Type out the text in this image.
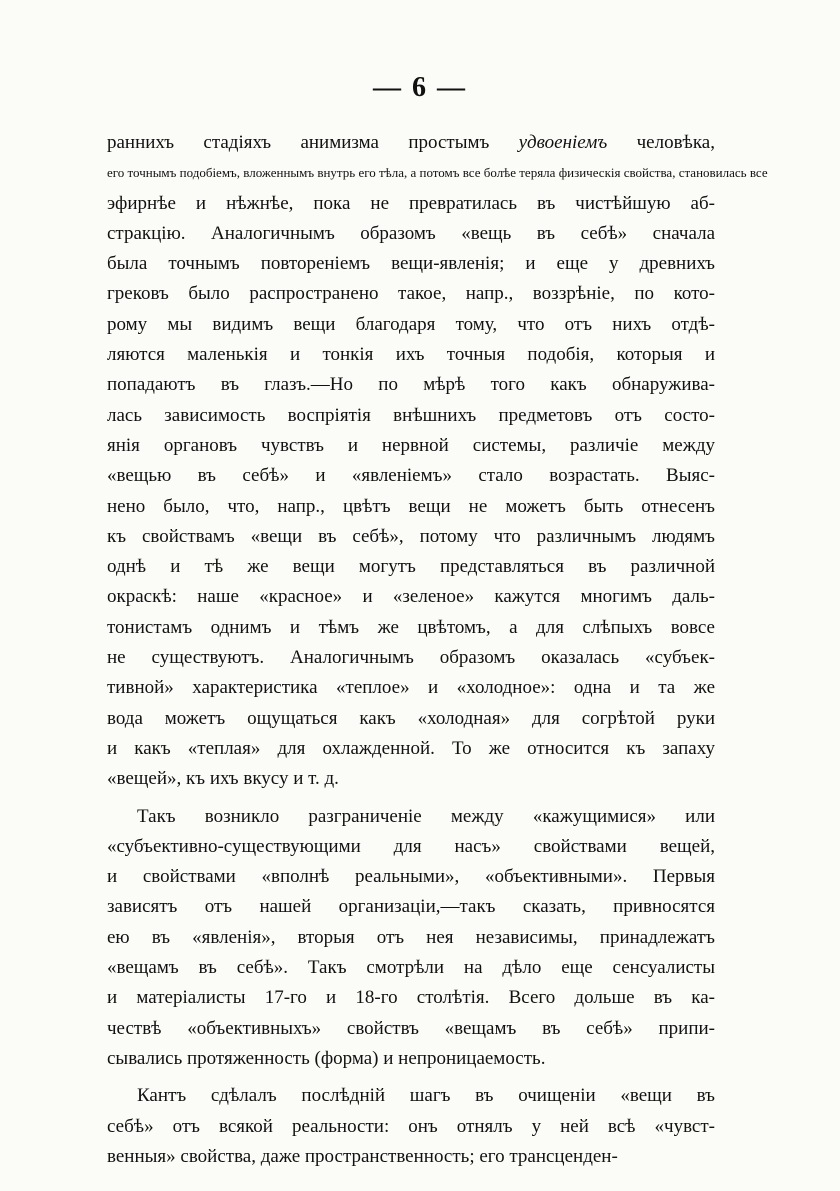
— 6 —
раннихъ стадіяхъ анимизма простымъ удвоеніемъ человѣка,
его точнымъ подобіемъ, вложеннымъ внутрь его тѣла, а потомъ все болѣе теряла физическія свойства, становилась все
эфирнѣе и нѣжнѣе, пока не превратилась въ чистѣйшую аб-
стракцію. Аналогичнымъ образомъ «вещь въ себѣ» сначала
была точнымъ повтореніемъ вещи-явленія; и еще у древнихъ
грековъ было распространено такое, напр., воззрѣніе, по кото-
рому мы видимъ вещи благодаря тому, что отъ нихъ отдѣ-
ляются маленькія и тонкія ихъ точныя подобія, которыя и
попадаютъ въ глазъ.—Но по мѣрѣ того какъ обнаружива-
лась зависимость воспріятія внѣшнихъ предметовъ отъ состо-
янія органовъ чувствъ и нервной системы, различіе между
«вещью въ себѣ» и «явленіемъ» стало возрастать. Выяс-
нено было, что, напр., цвѣтъ вещи не можетъ быть отнесенъ
къ свойствамъ «вещи въ себѣ», потому что различнымъ людямъ
однѣ и тѣ же вещи могутъ представляться въ различной
окраскѣ: наше «красное» и «зеленое» кажутся многимъ даль-
тонистамъ однимъ и тѣмъ же цвѣтомъ, а для слѣпыхъ вовсе
не существуютъ. Аналогичнымъ образомъ оказалась «субъек-
тивной» характеристика «теплое» и «холодное»: одна и та же
вода можетъ ощущаться какъ «холодная» для согрѣтой руки
и какъ «теплая» для охлажденной. То же относится къ запаху
«вещей», къ ихъ вкусу и т. д.
Такъ возникло разграниченіе между «кажущимися» или
«субъективно-существующими для насъ» свойствами вещей,
и свойствами «вполнѣ реальными», «объективными». Первыя
зависятъ отъ нашей организаціи,—такъ сказать, привносятся
ею въ «явленія», вторыя отъ нея независимы, принадлежатъ
«вещамъ въ себѣ». Такъ смотрѣли на дѣло еще сенсуалисты
и матеріалисты 17-го и 18-го столѣтія. Всего дольше въ ка-
чествѣ «объективныхъ» свойствъ «вещамъ въ себѣ» припи-
сывались протяженность (форма) и непроницаемость.
Кантъ сдѣлалъ послѣдній шагъ въ очищеніи «вещи въ
себѣ» отъ всякой реальности: онъ отнялъ у ней всѣ «чувст-
венныя» свойства, даже пространственность; его трансценден-
